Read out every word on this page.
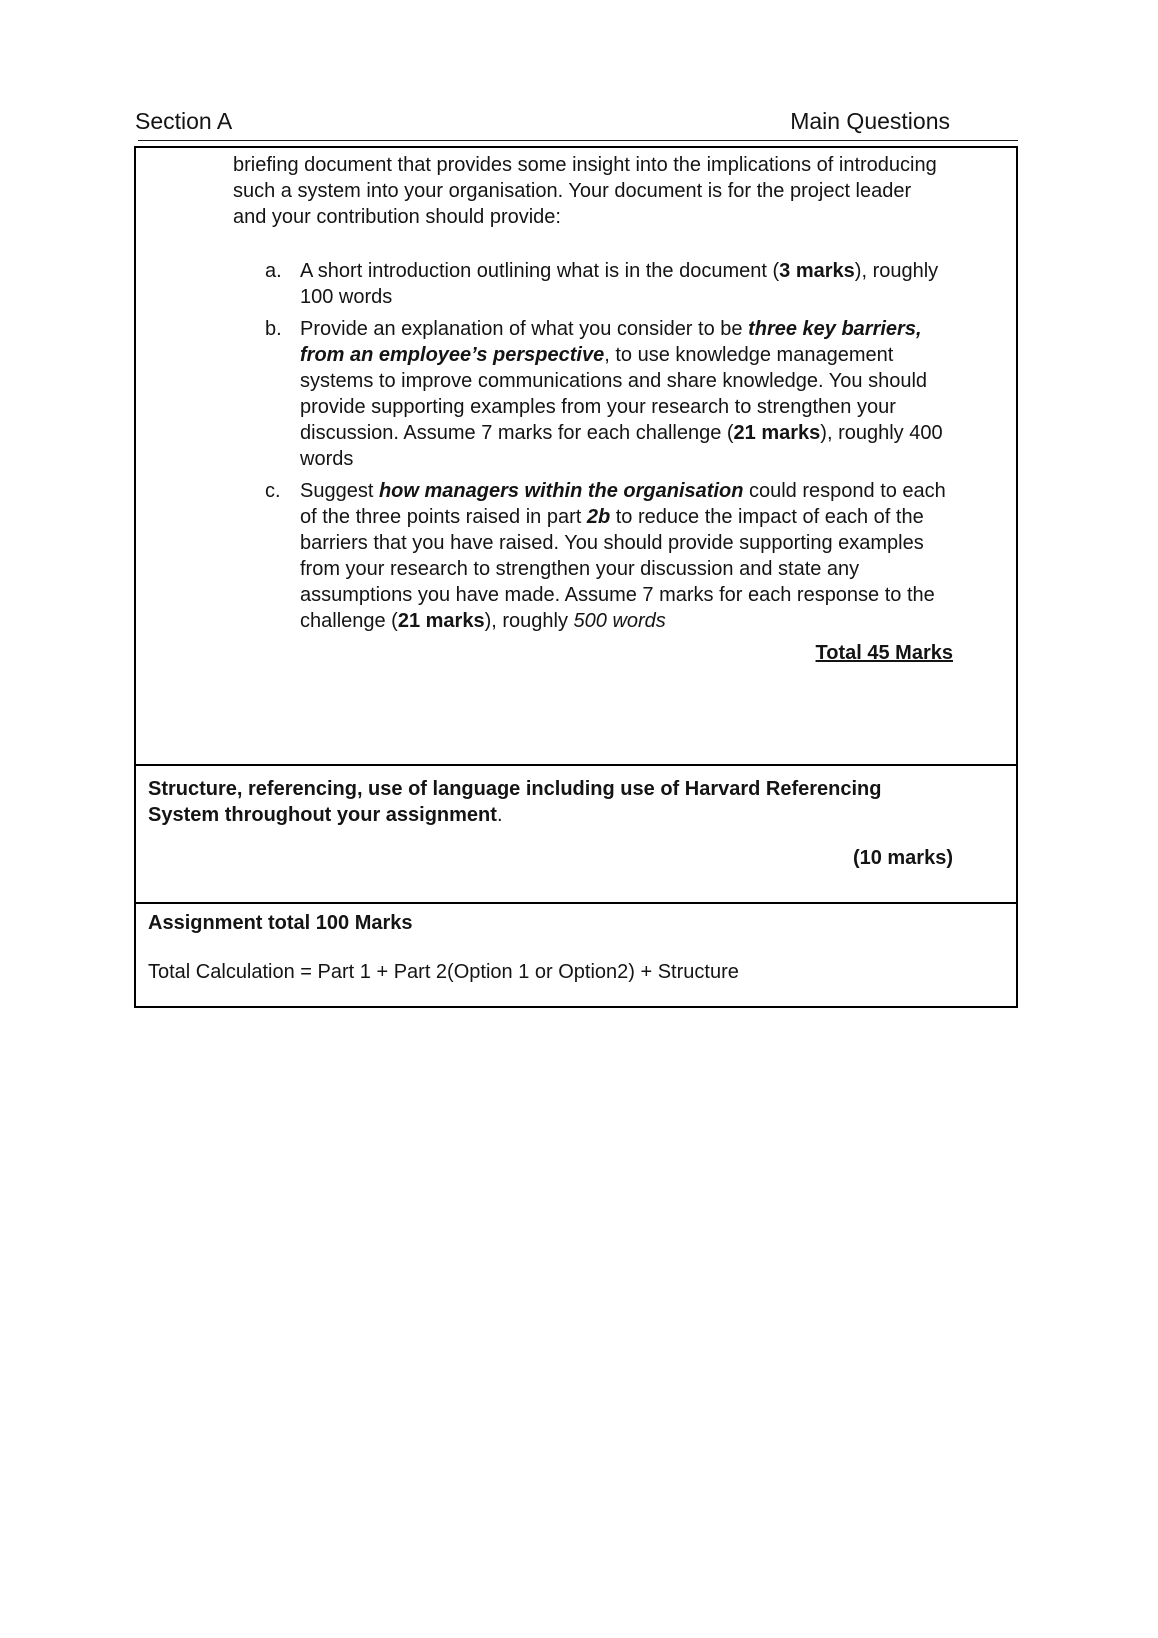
Section A	Main Questions

briefing document that provides some insight into the implications of introducing such a system into your organisation. Your document is for the project leader and your contribution should provide:

a. A short introduction outlining what is in the document (3 marks), roughly 100 words
b. Provide an explanation of what you consider to be three key barriers, from an employee’s perspective, to use knowledge management systems to improve communications and share knowledge. You should provide supporting examples from your research to strengthen your discussion. Assume 7 marks for each challenge (21 marks), roughly 400 words
c. Suggest how managers within the organisation could respond to each of the three points raised in part 2b to reduce the impact of each of the barriers that you have raised. You should provide supporting examples from your research to strengthen your discussion and state any assumptions you have made. Assume 7 marks for each response to the challenge (21 marks), roughly 500 words
Total 45 Marks
Structure, referencing, use of language including use of Harvard Referencing System throughout your assignment.
(10 marks)
Assignment total 100 Marks
Total Calculation = Part 1 + Part 2(Option 1 or Option2) + Structure
